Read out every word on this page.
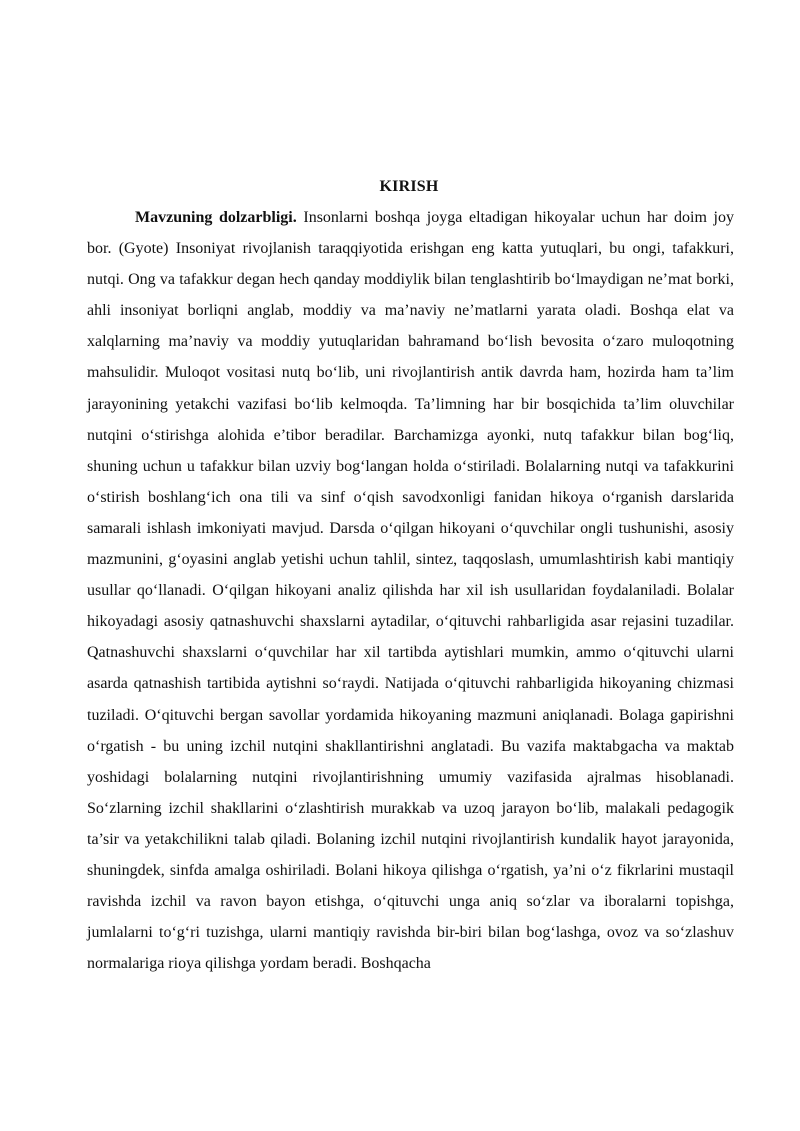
KIRISH

Mavzuning dolzarbligi. Insonlarni boshqa joyga eltadigan hikoyalar uchun har doim joy bor. (Gyote) Insoniyat rivojlanish taraqqiyotida erishgan eng katta yutuqlari, bu ongi, tafakkuri, nutqi. Ong va tafakkur degan hech qanday moddiylik bilan tenglashtirib bo‘lmaydigan ne’mat borki, ahli insoniyat borliqni anglab, moddiy va ma’naviy ne’matlarni yarata oladi. Boshqa elat va xalqlarning ma’naviy va moddiy yutuqlaridan bahramand bo‘lish bevosita o‘zaro muloqotning mahsulidir. Muloqot vositasi nutq bo‘lib, uni rivojlantirish antik davrda ham, hozirda ham ta’lim jarayonining yetakchi vazifasi bo‘lib kelmoqda. Ta’limning har bir bosqichida ta’lim oluvchilar nutqini o‘stirishga alohida e’tibor beradilar. Barchamizga ayonki, nutq tafakkur bilan bog‘liq, shuning uchun u tafakkur bilan uzviy bog‘langan holda o‘stiriladi. Bolalarning nutqi va tafakkurini o‘stirish boshlang‘ich ona tili va sinf o‘qish savodxonligi fanidan hikoya o‘rganish darslarida samarali ishlash imkoniyati mavjud. Darsda o‘qilgan hikoyani o‘quvchilar ongli tushunishi, asosiy mazmunini, g‘oyasini anglab yetishi uchun tahlil, sintez, taqqoslash, umumlashtirish kabi mantiqiy usullar qo‘llanadi. O‘qilgan hikoyani analiz qilishda har xil ish usullaridan foydalaniladi. Bolalar hikoyadagi asosiy qatnashuvchi shaxslarni aytadilar, o‘qituvchi rahbarligida asar rejasini tuzadilar. Qatnashuvchi shaxslarni o‘quvchilar har xil tartibda aytishlari mumkin, ammo o‘qituvchi ularni asarda qatnashish tartibida aytishni so‘raydi. Natijada o‘qituvchi rahbarligida hikoyaning chizmasi tuziladi. O‘qituvchi bergan savollar yordamida hikoyaning mazmuni aniqlanadi. Bolaga gapirishni o‘rgatish - bu uning izchil nutqini shakllantirishni anglatadi. Bu vazifa maktabgacha va maktab yoshidagi bolalarning nutqini rivojlantirishning umumiy vazifasida ajralmas hisoblanadi. So‘zlarning izchil shakllarini o‘zlashtirish murakkab va uzoq jarayon bo‘lib, malakali pedagogik ta’sir va yetakchilikni talab qiladi. Bolaning izchil nutqini rivojlantirish kundalik hayot jarayonida, shuningdek, sinfda amalga oshiriladi. Bolani hikoya qilishga o‘rgatish, ya’ni o‘z fikrlarini mustaqil ravishda izchil va ravon bayon etishga, o‘qituvchi unga aniq so‘zlar va iboralarni topishga, jumlalarni to‘g‘ri tuzishga, ularni mantiqiy ravishda bir-biri bilan bog‘lashga, ovoz va so‘zlashuv normalariga rioya qilishga yordam beradi. Boshqacha
